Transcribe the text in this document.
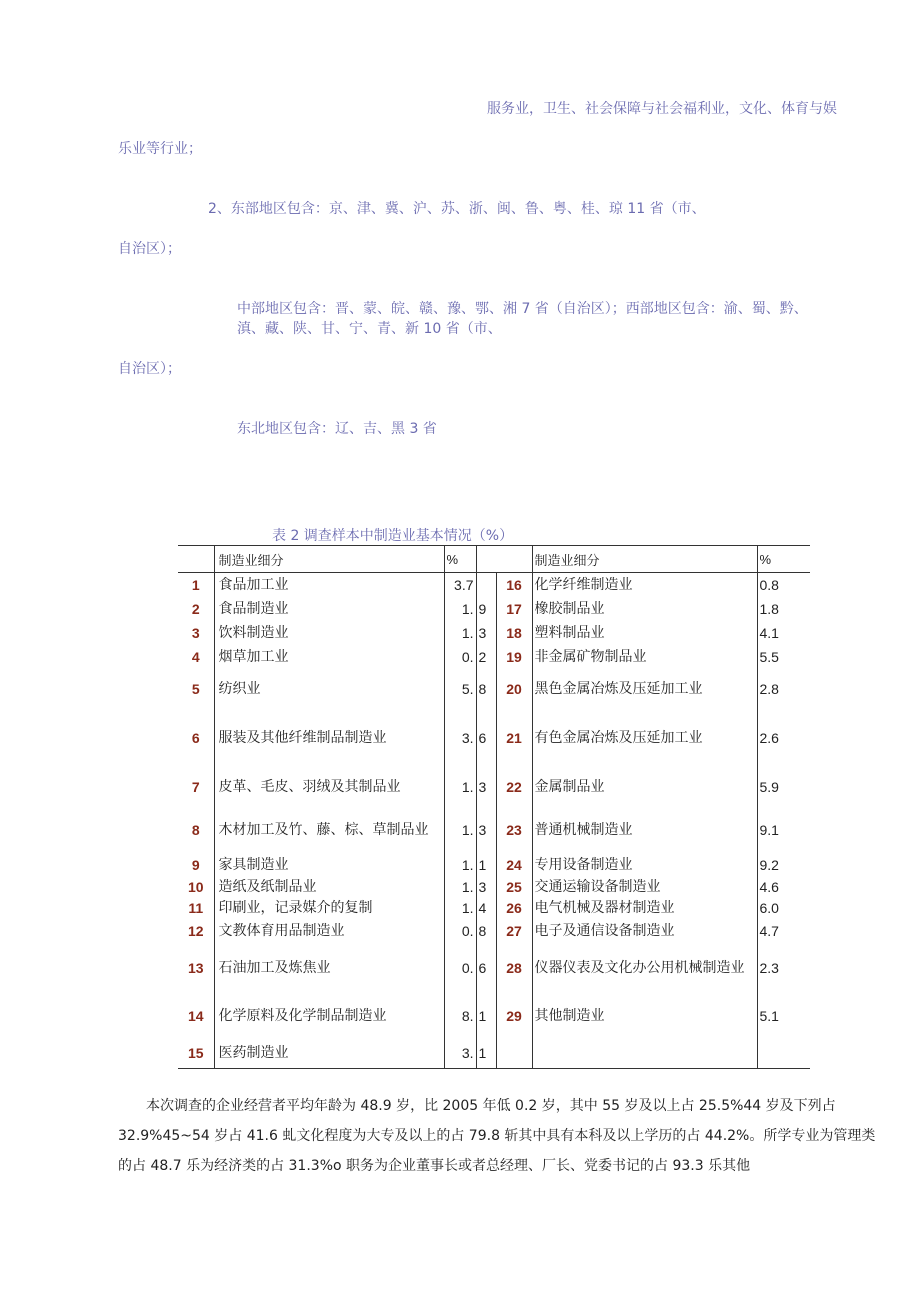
服务业，卫生、社会保障与社会福利业，文化、体育与娱
乐业等行业；
2、东部地区包含：京、津、冀、沪、苏、浙、闽、鲁、粤、桂、琼 11 省（市、
自治区）；
中部地区包含：晋、蒙、皖、赣、豫、鄂、湘 7 省（自治区）；西部地区包含：渝、蜀、黔、
滇、藏、陕、甘、宁、青、新 10 省（市、
自治区）；
东北地区包含：辽、吉、黑 3 省
表 2 调查样本中制造业基本情况（%）
	制造业细分	%			制造业细分	%
1	食品加工业	3.7		16	化学纤维制造业	0.8
2	食品制造业	1.	9	17	橡胶制品业	1.8
3	饮料制造业	1.	3	18	塑料制品业	4.1
4	烟草加工业	0.	2	19	非金属矿物制品业	5.5
5	纺织业	5.	8	20	黑色金属冶炼及压延加工业	2.8
6	服装及其他纤维制品制造业	3.	6	21	有色金属冶炼及压延加工业	2.6
7	皮革、毛皮、羽绒及其制品业	1.	3	22	金属制品业	5.9
8	木材加工及竹、藤、棕、草制品业	1.	3	23	普通机械制造业	9.1
9	家具制造业	1.	1	24	专用设备制造业	9.2
10	造纸及纸制品业	1.	3	25	交通运输设备制造业	4.6
11	印刷业，记录媒介的复制	1.	4	26	电气机械及器材制造业	6.0
12	文教体育用品制造业	0.	8	27	电子及通信设备制造业	4.7
13	石油加工及炼焦业	0.	6	28	仪器仪表及文化办公用机械制造业	2.3
14	化学原料及化学制品制造业	8.	1	29	其他制造业	5.1
15	医药制造业	3.	1			
本次调查的企业经营者平均年龄为 48.9 岁，比 2005 年低 0.2 岁，其中 55 岁及以上占 25.5%44 岁及下列占 32.9%45~54 岁占 41.6 虬文化程度为大专及以上的占 79.8 斩其中具有本科及以上学历的占 44.2%。所学专业为管理类的占 48.7 乐为经济类的占 31.3%o 职务为企业董事长或者总经理、厂长、党委书记的占 93.3 乐其他
